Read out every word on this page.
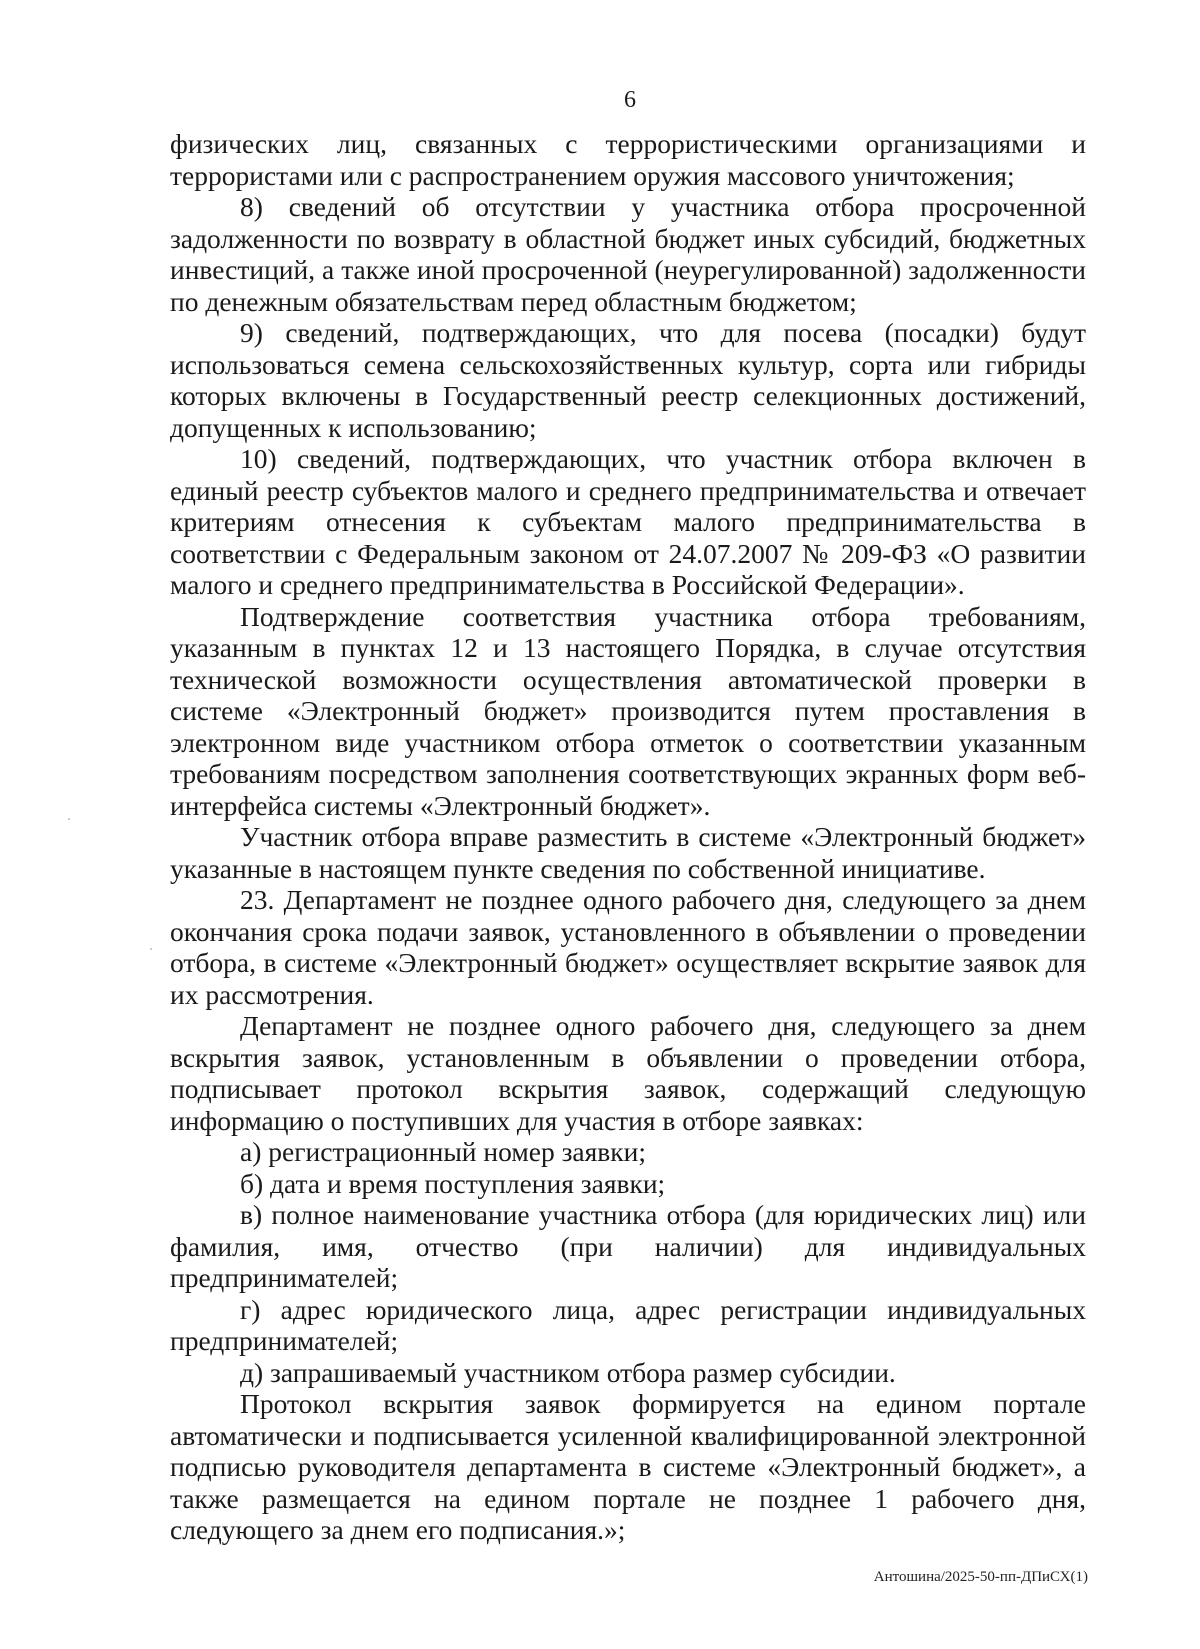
6

физических лиц, связанных с террористическими организациями и террористами или с распространением оружия массового уничтожения;

8) сведений об отсутствии у участника отбора просроченной задолженности по возврату в областной бюджет иных субсидий, бюджетных инвестиций, а также иной просроченной (неурегулированной) задолженности по денежным обязательствам перед областным бюджетом;

9) сведений, подтверждающих, что для посева (посадки) будут использоваться семена сельскохозяйственных культур, сорта или гибриды которых включены в Государственный реестр селекционных достижений, допущенных к использованию;

10) сведений, подтверждающих, что участник отбора включен в единый реестр субъектов малого и среднего предпринимательства и отвечает критериям отнесения к субъектам малого предпринимательства в соответствии с Федеральным законом от 24.07.2007 № 209-ФЗ «О развитии малого и среднего предпринимательства в Российской Федерации».

Подтверждение соответствия участника отбора требованиям, указанным в пунктах 12 и 13 настоящего Порядка, в случае отсутствия технической возможности осуществления автоматической проверки в системе «Электронный бюджет» производится путем проставления в электронном виде участником отбора отметок о соответствии указанным требованиям посредством заполнения соответствующих экранных форм веб-интерфейса системы «Электронный бюджет».

Участник отбора вправе разместить в системе «Электронный бюджет» указанные в настоящем пункте сведения по собственной инициативе.

23. Департамент не позднее одного рабочего дня, следующего за днем окончания срока подачи заявок, установленного в объявлении о проведении отбора, в системе «Электронный бюджет» осуществляет вскрытие заявок для их рассмотрения.

Департамент не позднее одного рабочего дня, следующего за днем вскрытия заявок, установленным в объявлении о проведении отбора, подписывает протокол вскрытия заявок, содержащий следующую информацию о поступивших для участия в отборе заявках:

а) регистрационный номер заявки;

б) дата и время поступления заявки;

в) полное наименование участника отбора (для юридических лиц) или фамилия, имя, отчество (при наличии) для индивидуальных предпринимателей;

г) адрес юридического лица, адрес регистрации индивидуальных предпринимателей;

д) запрашиваемый участником отбора размер субсидии.

Протокол вскрытия заявок формируется на едином портале автоматически и подписывается усиленной квалифицированной электронной подписью руководителя департамента в системе «Электронный бюджет», а также размещается на едином портале не позднее 1 рабочего дня, следующего за днем его подписания.»;

Антошина/2025-50-пп-ДПиСХ(1)
